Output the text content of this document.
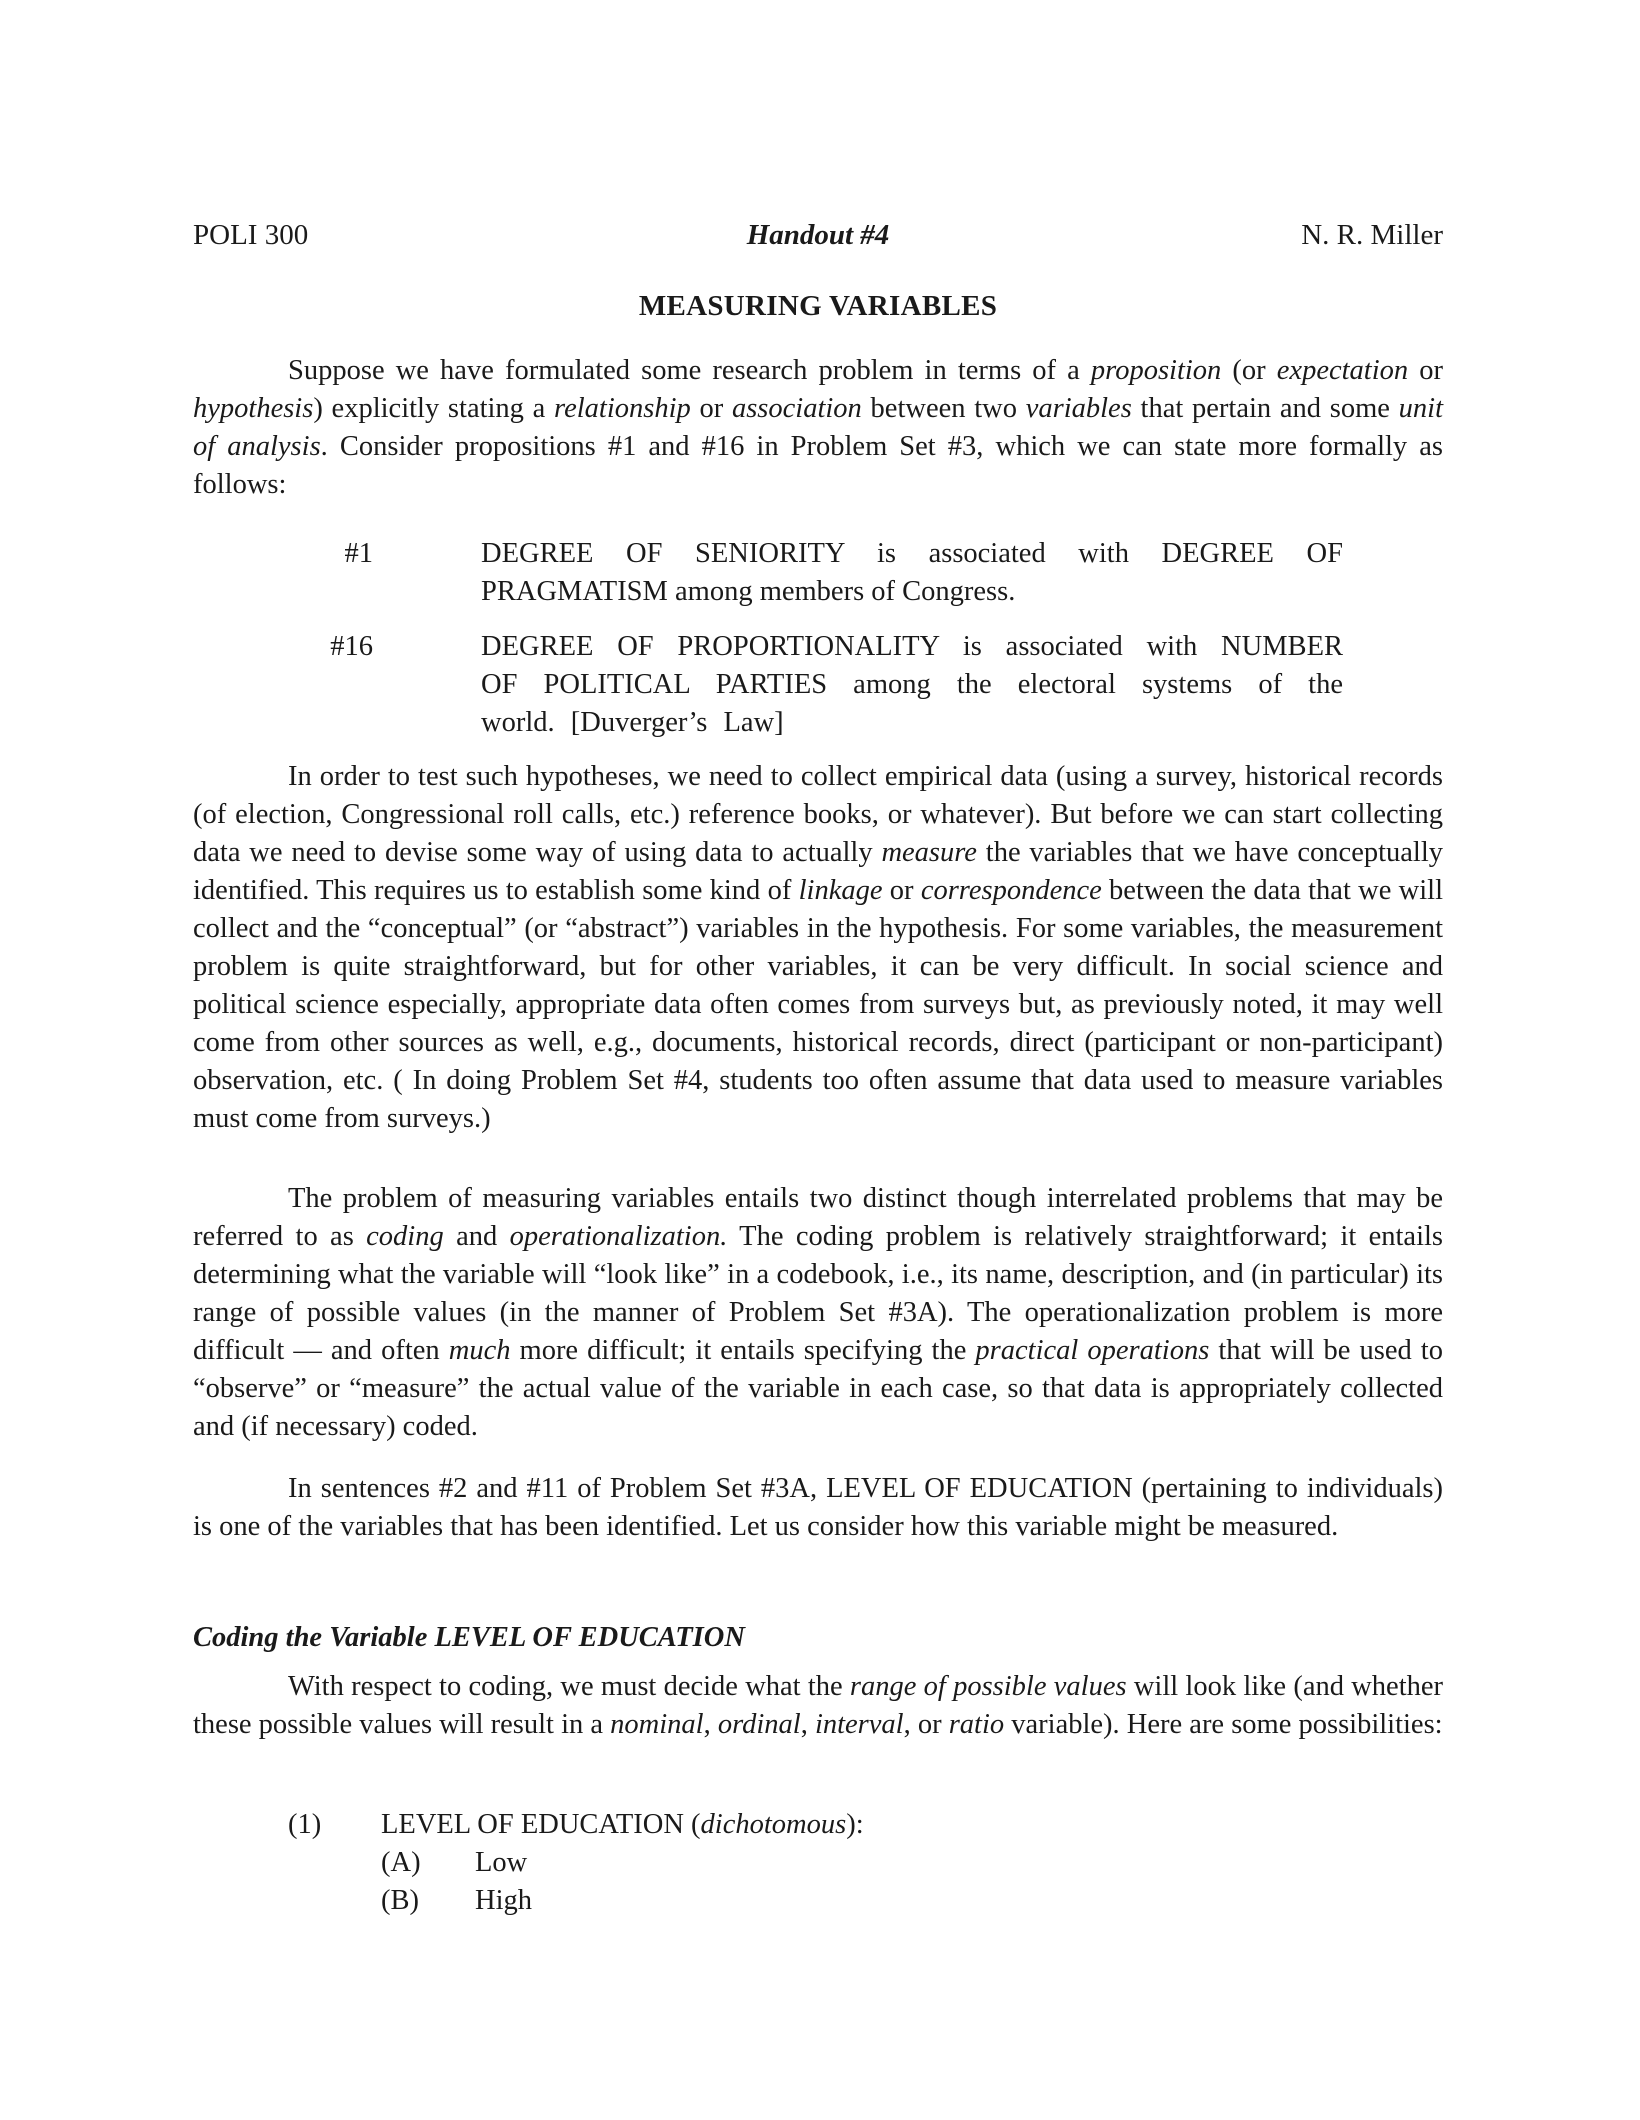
POLI 300	Handout #4	N. R. Miller
MEASURING VARIABLES

Suppose we have formulated some research problem in terms of a proposition (or expectation or hypothesis) explicitly stating a relationship or association between two variables that pertain and some unit of analysis. Consider propositions #1 and #16 in Problem Set #3, which we can state more formally as follows:

#1	DEGREE OF SENIORITY is associated with DEGREE OF PRAGMATISM among members of Congress.
#16	DEGREE OF PROPORTIONALITY is associated with NUMBER OF POLITICAL PARTIES among the electoral systems of the world. [Duverger’s Law]

In order to test such hypotheses, we need to collect empirical data (using a survey, historical records (of election, Congressional roll calls, etc.) reference books, or whatever). But before we can start collecting data we need to devise some way of using data to actually measure the variables that we have conceptually identified. This requires us to establish some kind of linkage or correspondence between the data that we will collect and the “conceptual” (or “abstract”) variables in the hypothesis. For some variables, the measurement problem is quite straightforward, but for other variables, it can be very difficult. In social science and political science especially, appropriate data often comes from surveys but, as previously noted, it may well come from other sources as well, e.g., documents, historical records, direct (participant or non-participant) observation, etc. ( In doing Problem Set #4, students too often assume that data used to measure variables must come from surveys.)

The problem of measuring variables entails two distinct though interrelated problems that may be referred to as coding and operationalization. The coding problem is relatively straightforward; it entails determining what the variable will “look like” in a codebook, i.e., its name, description, and (in particular) its range of possible values (in the manner of Problem Set #3A). The operationalization problem is more difficult — and often much more difficult; it entails specifying the practical operations that will be used to “observe” or “measure” the actual value of the variable in each case, so that data is appropriately collected and (if necessary) coded.

In sentences #2 and #11 of Problem Set #3A, LEVEL OF EDUCATION (pertaining to individuals) is one of the variables that has been identified. Let us consider how this variable might be measured.

Coding the Variable LEVEL OF EDUCATION

With respect to coding, we must decide what the range of possible values will look like (and whether these possible values will result in a nominal, ordinal, interval, or ratio variable). Here are some possibilities:

(1) LEVEL OF EDUCATION (dichotomous):
(A) Low
(B) High
